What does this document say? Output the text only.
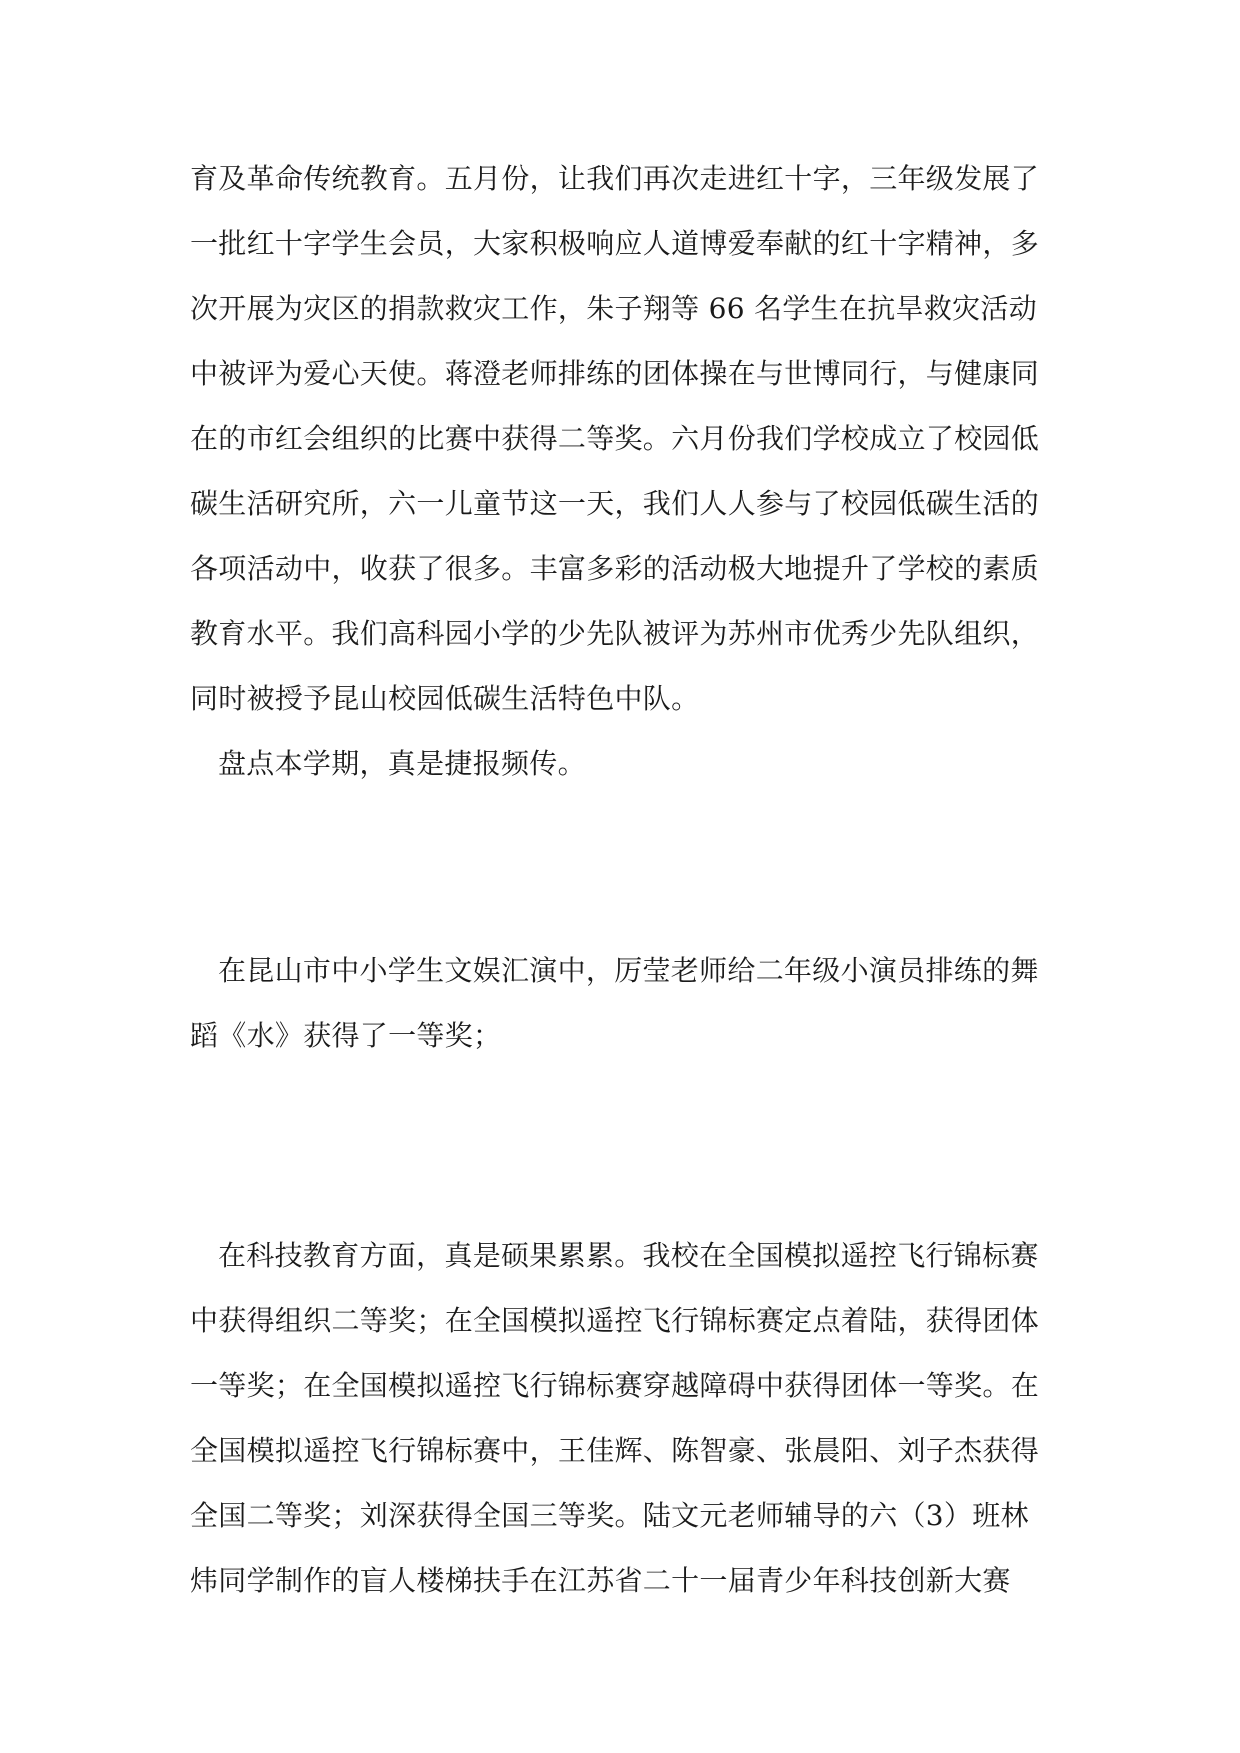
育及革命传统教育。五月份，让我们再次走进红十字，三年级发展了
一批红十字学生会员，大家积极响应人道博爱奉献的红十字精神，多
次开展为灾区的捐款救灾工作，朱子翔等 66 名学生在抗旱救灾活动
中被评为爱心天使。蒋澄老师排练的团体操在与世博同行，与健康同
在的市红会组织的比赛中获得二等奖。六月份我们学校成立了校园低
碳生活研究所，六一儿童节这一天，我们人人参与了校园低碳生活的
各项活动中，收获了很多。丰富多彩的活动极大地提升了学校的素质
教育水平。我们高科园小学的少先队被评为苏州市优秀少先队组织，
同时被授予昆山校园低碳生活特色中队。
盘点本学期，真是捷报频传。
在昆山市中小学生文娱汇演中，厉莹老师给二年级小演员排练的舞
蹈《水》获得了一等奖；
在科技教育方面，真是硕果累累。我校在全国模拟遥控飞行锦标赛
中获得组织二等奖；在全国模拟遥控飞行锦标赛定点着陆，获得团体
一等奖；在全国模拟遥控飞行锦标赛穿越障碍中获得团体一等奖。在
全国模拟遥控飞行锦标赛中，王佳辉、陈智豪、张晨阳、刘子杰获得
全国二等奖；刘深获得全国三等奖。陆文元老师辅导的六（3）班林
炜同学制作的盲人楼梯扶手在江苏省二十一届青少年科技创新大赛
